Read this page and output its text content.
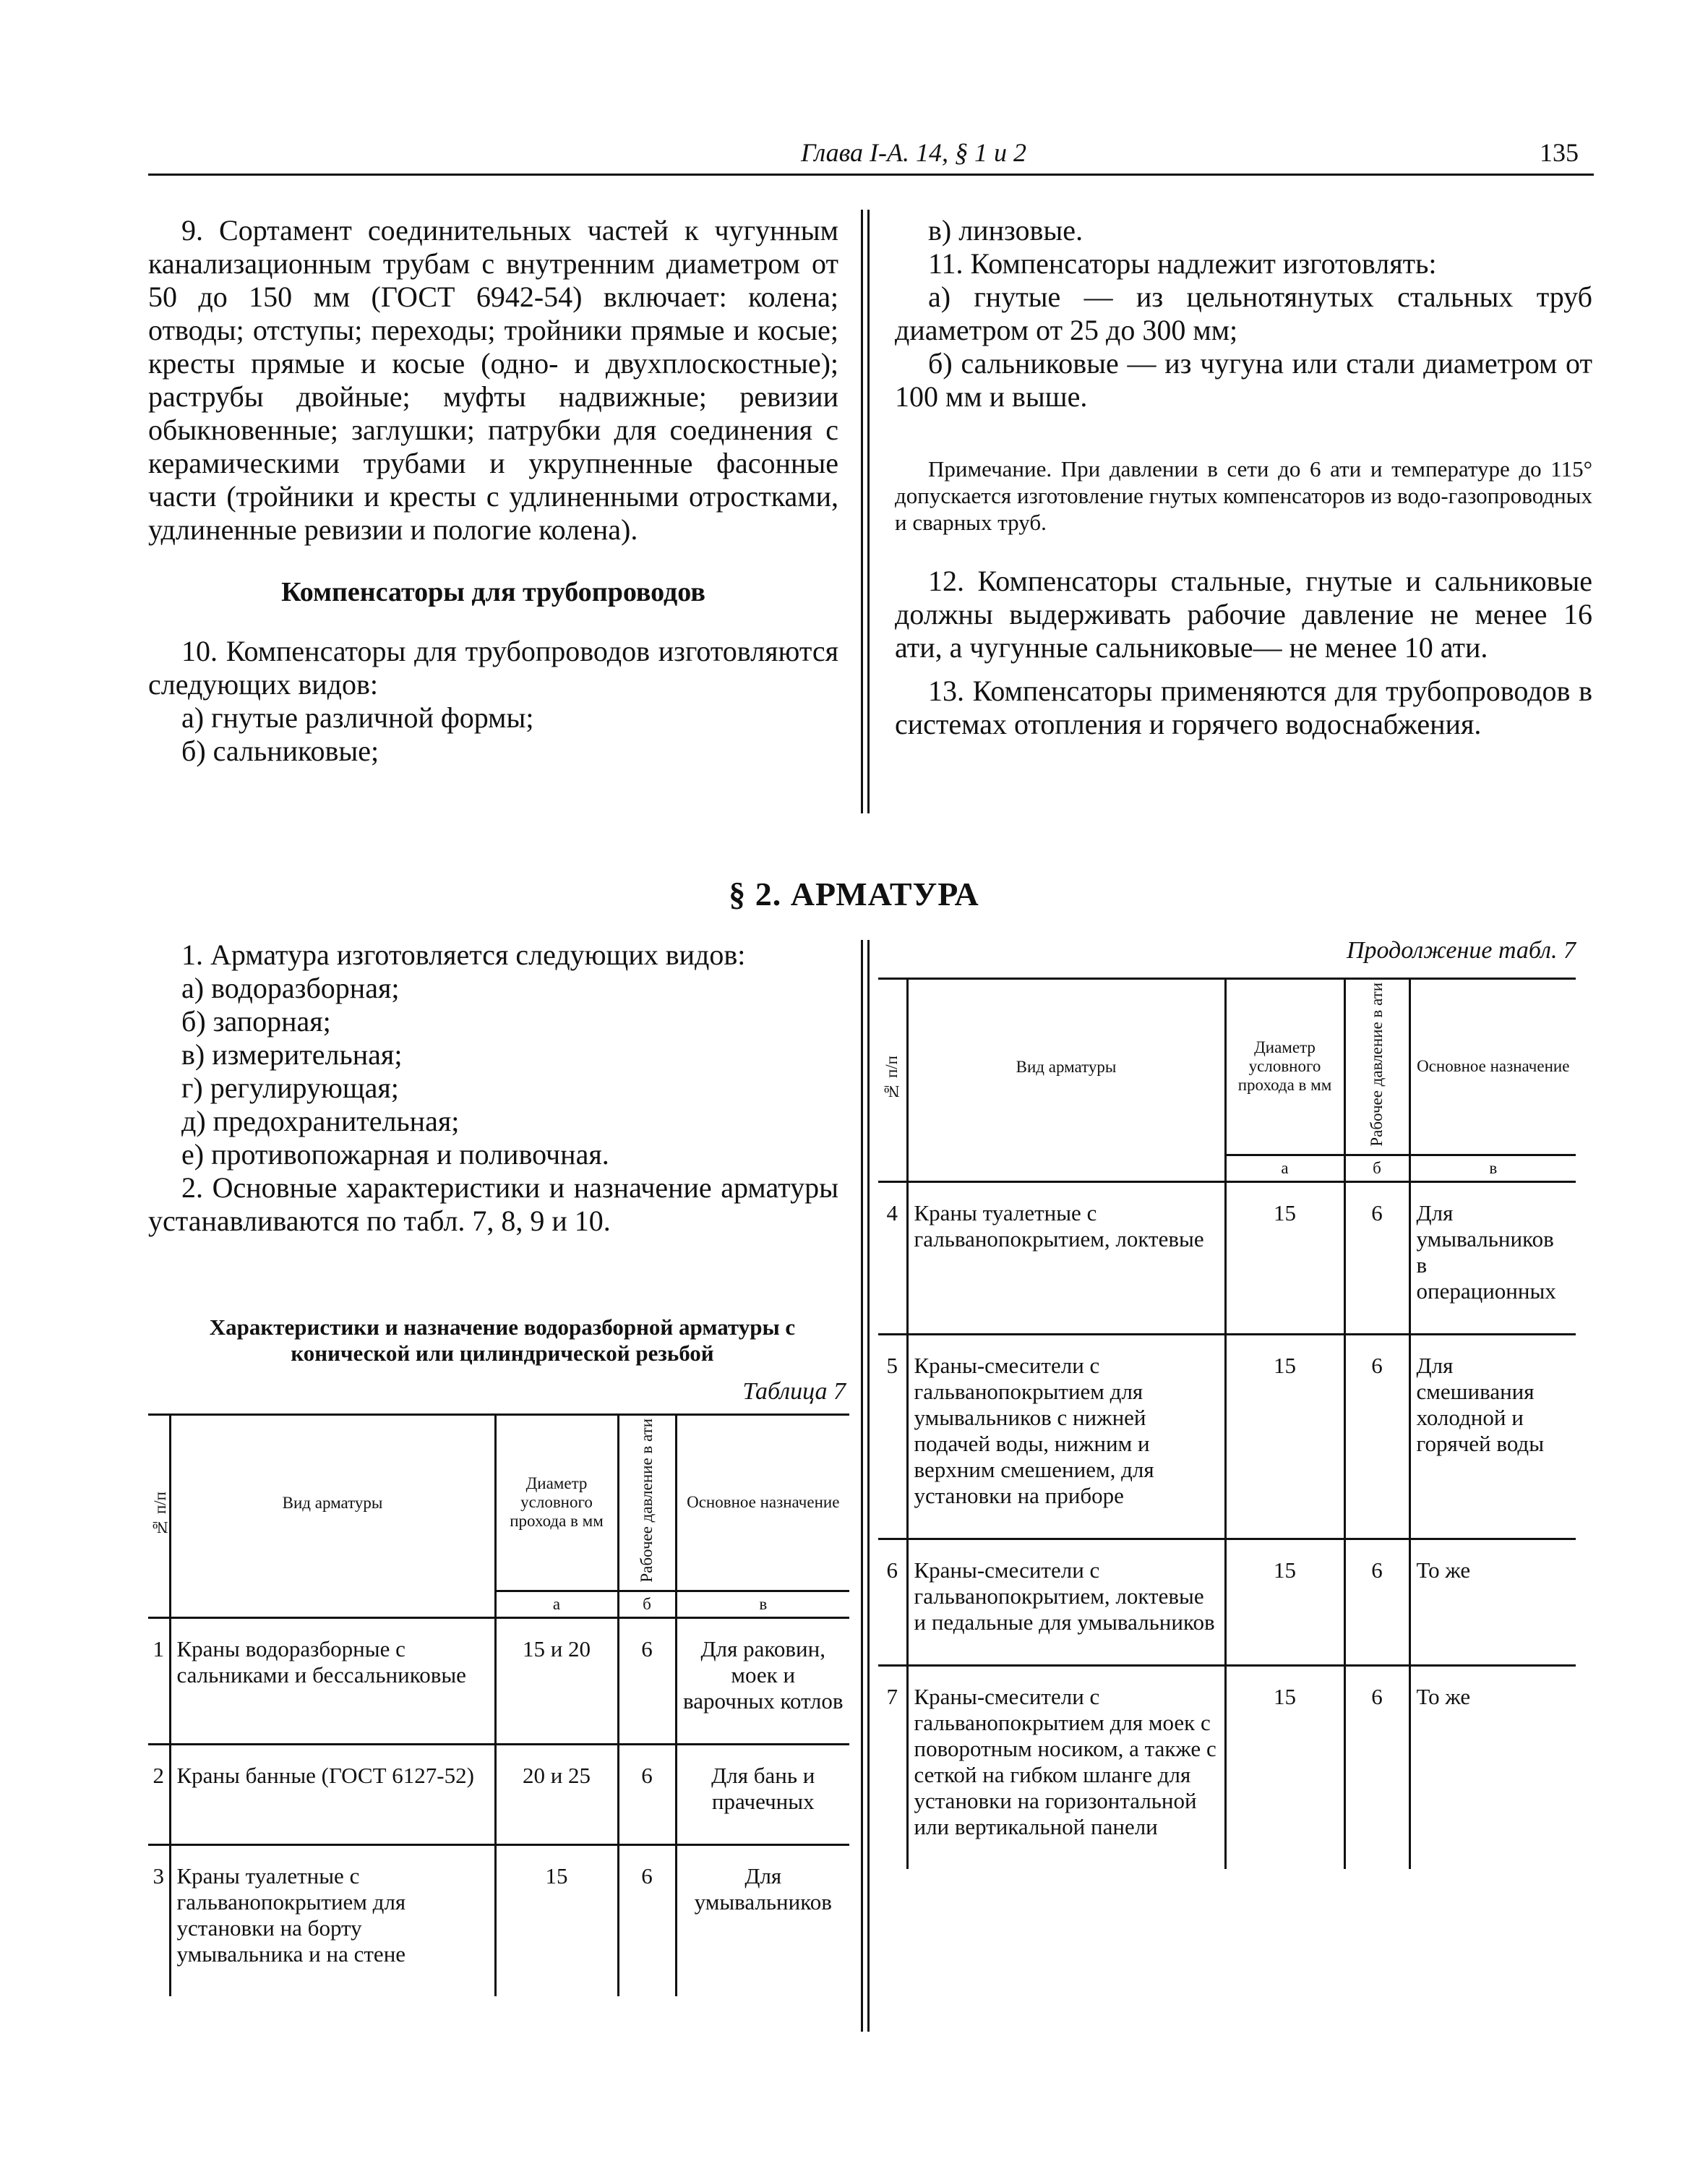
Глава I-A. 14, § 1 и 2	135

9. Сортамент соединительных частей к чугунным канализационным трубам с внутренним диаметром от 50 до 150 мм (ГОСТ 6942-54) включает: колена; отводы; отступы; переходы; тройники прямые и косые; кресты прямые и косые (одно- и двухплоскостные); раструбы двойные; муфты надвижные; ревизии обыкновенные; заглушки; патрубки для соединения с керамическими трубами и укрупненные фасонные части (тройники и кресты с удлиненными отростками, удлиненные ревизии и пологие колена).

Компенсаторы для трубопроводов

10. Компенсаторы для трубопроводов изготовляются следующих видов:

а) гнутые различной формы;

б) сальниковые;

в) линзовые.

11. Компенсаторы надлежит изготовлять:

а) гнутые — из цельнотянутых стальных труб диаметром от 25 до 300 мм;

б) сальниковые — из чугуна или стали диаметром от 100 мм и выше.

Примечание. При давлении в сети до 6 ати и температуре до 115° допускается изготовление гнутых компенсаторов из водо-газопроводных и сварных труб.

12. Компенсаторы стальные, гнутые и сальниковые должны выдерживать рабочие давление не менее 16 ати, а чугунные сальниковые— не менее 10 ати.

13. Компенсаторы применяются для трубопроводов в системах отопления и горячего водоснабжения.

§ 2. АРМАТУРА

1. Арматура изготовляется следующих видов:

а) водоразборная;

б) запорная;

в) измерительная;

г) регулирующая;

д) предохранительная;

е) противопожарная и поливочная.

2. Основные характеристики и назначение арматуры устанавливаются по табл. 7, 8, 9 и 10.

Характеристики и назначение водоразборной арматуры с конической или цилиндрической резьбой
Таблица 7
№ п/п	Вид арматуры	Диаметр условного прохода в мм	Рабочее давление в ати	Основное назначение
		а	б	в
1	Краны водоразборные с сальниками и бессальниковые	15 и 20	6	Для раковин, моек и варочных котлов
2	Краны банные (ГОСТ 6127-52)	20 и 25	6	Для бань и прачечных
3	Краны туалетные с гальванопокрытием для установки на борту умывальника и на стене	15	6	Для умывальников
Продолжение табл. 7
№ п/п	Вид арматуры	Диаметр условного прохода в мм	Рабочее давление в ати	Основное назначение
		а	б	в
4	Краны туалетные с гальванопокрытием, локтевые	15	6	Для умывальников в операционных
5	Краны-смесители с гальванопокрытием для умывальников с нижней подачей воды, нижним и верхним смешением, для установки на приборе	15	6	Для смешивания холодной и горячей воды
6	Краны-смесители с гальванопокрытием, локтевые и педальные для умывальников	15	6	То же
7	Краны-смесители с гальванопокрытием для моек с поворотным носиком, а также с сеткой на гибком шланге для установки на горизонтальной или вертикальной панели	15	6	То же
